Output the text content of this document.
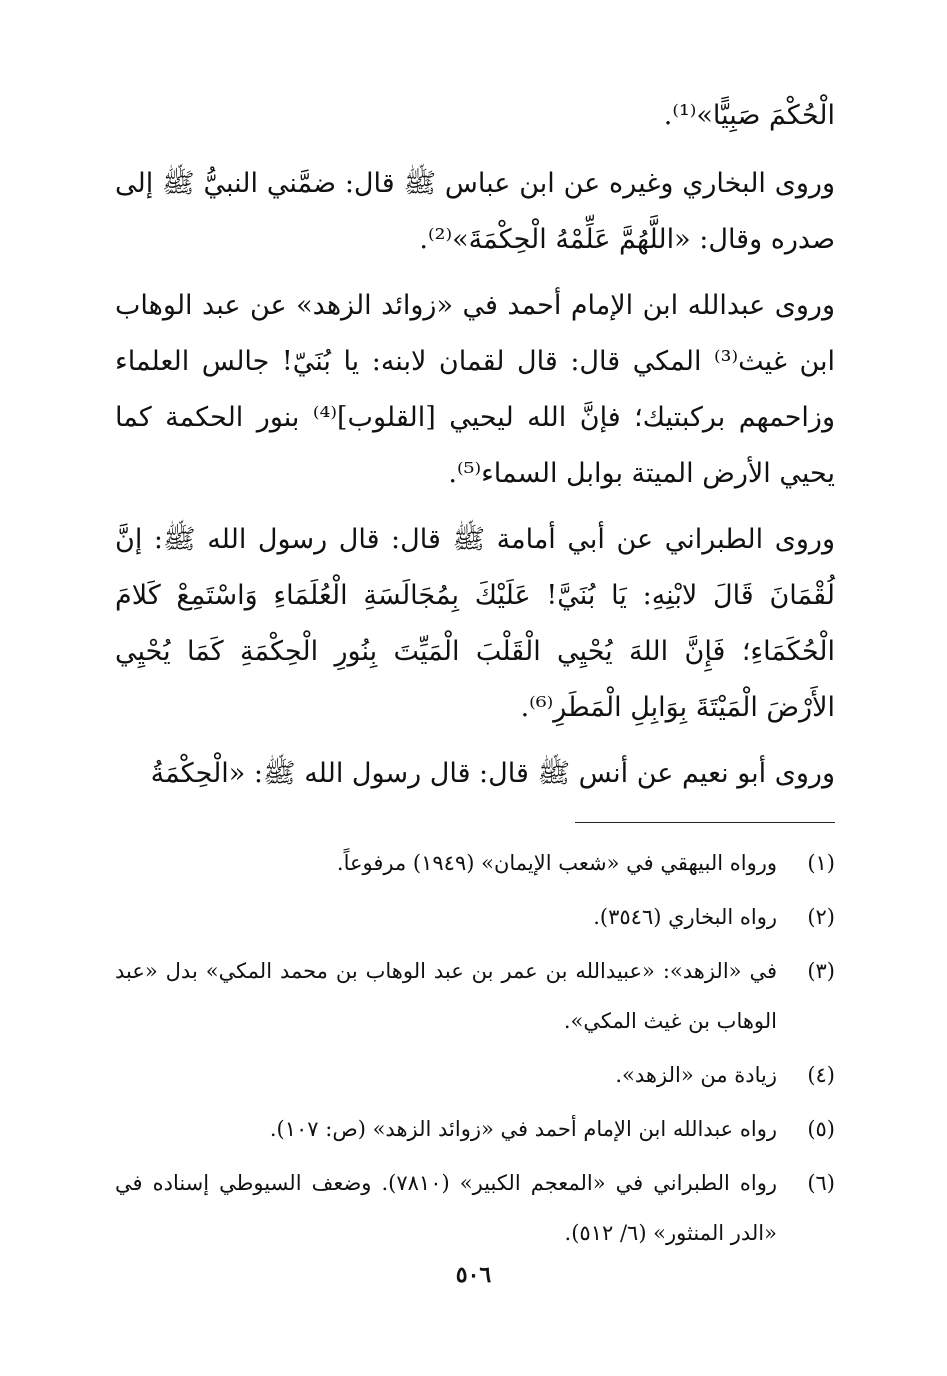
الْحُكْمَ صَبِيًّا»⁽¹⁾.

وروى البخاري وغيره عن ابن عباس ﷺ قال: ضمَّني النبيُّ ﷺ إلى صدره وقال: «اللَّهُمَّ عَلِّمْهُ الْحِكْمَةَ»⁽²⁾.

وروى عبدالله ابن الإمام أحمد في «زوائد الزهد» عن عبد الوهاب ابن غيث⁽³⁾ المكي قال: قال لقمان لابنه: يا بُنَيّ! جالس العلماء وزاحمهم بركبتيك؛ فإنَّ الله ليحيي [القلوب]⁽⁴⁾ بنور الحكمة كما يحيي الأرض الميتة بوابل السماء⁽⁵⁾.

وروى الطبراني عن أبي أمامة ﷺ قال: قال رسول الله ﷺ: إنَّ لُقْمَانَ قَالَ لابْنِهِ: يَا بُنَيَّ! عَلَيْكَ بِمُجَالَسَةِ الْعُلَمَاءِ وَاسْتَمِعْ كَلامَ الْحُكَمَاءِ؛ فَإِنَّ اللهَ يُحْيِي الْقَلْبَ الْمَيِّتَ بِنُورِ الْحِكْمَةِ كَمَا يُحْيِي الأَرْضَ الْمَيْتَةَ بِوَابِلِ الْمَطَرِ⁽⁶⁾.

وروى أبو نعيم عن أنس ﷺ قال: قال رسول الله ﷺ: «الْحِكْمَةُ

(١)
ورواه البيهقي في «شعب الإيمان» (١٩٤٩) مرفوعاً.
(٢)
رواه البخاري (٣٥٤٦).
(٣)
في «الزهد»: «عبيدالله بن عمر بن عبد الوهاب بن محمد المكي» بدل «عبد الوهاب بن غيث المكي».
(٤)
زيادة من «الزهد».
(٥)
رواه عبدالله ابن الإمام أحمد في «زوائد الزهد» (ص: ١٠٧).
(٦)
رواه الطبراني في «المعجم الكبير» (٧٨١٠). وضعف السيوطي إسناده في «الدر المنثور» (٦/ ٥١٢).
٥٠٦
